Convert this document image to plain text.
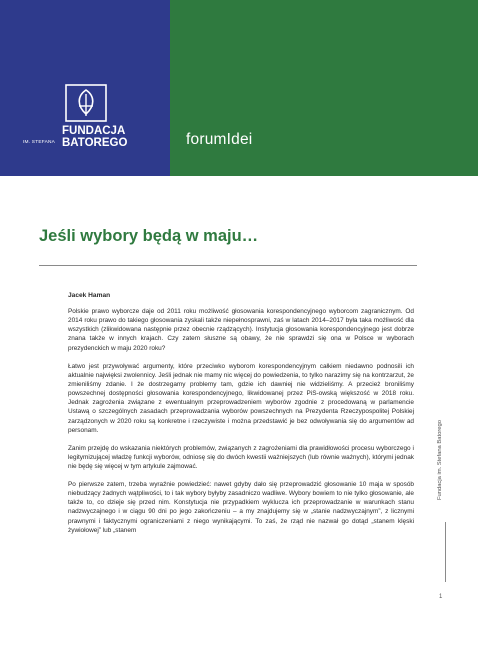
FUNDACJA
BATOREGO
IM. STEFANA	forumIdei
Jeśli wybory będą w maju…
Jacek Haman

Polskie prawo wyborcze daje od 2011 roku możliwość głosowania korespondencyjnego wyborcom zagranicznym. Od 2014 roku prawo do takiego głosowania zyskali także niepełnosprawni, zaś w latach 2014–2017 była taka możliwość dla wszystkich (zlikwidowana następnie przez obecnie rządzących). Instytucja głosowania korespondencyjnego jest dobrze znana także w innych krajach. Czy zatem słuszne są obawy, że nie sprawdzi się ona w Polsce w wyborach prezydenckich w maju 2020 roku?

Łatwo jest przywoływać argumenty, które przeciwko wyborom korespondencyjnym całkiem niedawno podnosili ich aktualnie najwięksi zwolennicy. Jeśli jednak nie mamy nic więcej do powiedzenia, to tylko narazimy się na kontrzarzut, że zmieniliśmy zdanie. I że dostrzegamy problemy tam, gdzie ich dawniej nie widzieliśmy. A przecież broniliśmy powszechnej dostępności głosowania korespondencyjnego, likwidowanej przez PiS-owską większość w 2018 roku. Jednak zagrożenia związane z ewentualnym przeprowadzeniem wyborów zgodnie z procedowaną w parlamencie Ustawą o szczególnych zasadach przeprowadzania wyborów powszechnych na Prezydenta Rzeczypospolitej Polskiej zarządzonych w 2020 roku są konkretne i rzeczywiste i można przedstawić je bez odwoływania się do argumentów ad personam.

Zanim przejdę do wskazania niektórych problemów, związanych z zagrożeniami dla prawidłowości procesu wyborczego i legitymizującej władzę funkcji wyborów, odniosę się do dwóch kwestii ważniejszych (lub równie ważnych), którymi jednak nie będę się więcej w tym artykule zajmować.

Po pierwsze zatem, trzeba wyraźnie powiedzieć: nawet gdyby dało się przeprowadzić głosowanie 10 maja w sposób niebudzący żadnych wątpliwości, to i tak wybory byłyby zasadniczo wadliwe. Wybory bowiem to nie tylko głosowanie, ale także to, co dzieje się przed nim. Konstytucja nie przypadkiem wyklucza ich przeprowadzanie w warunkach stanu nadzwyczajnego i w ciągu 90 dni po jego zakończeniu – a my znajdujemy się w „stanie nadzwyczajnym”, z licznymi prawnymi i faktycznymi ograniczeniami z niego wynikającymi. To zaś, że rząd nie nazwał go dotąd „stanem klęski żywiołowej” lub „stanem

Fundacja im. Stefana Batorego
1
